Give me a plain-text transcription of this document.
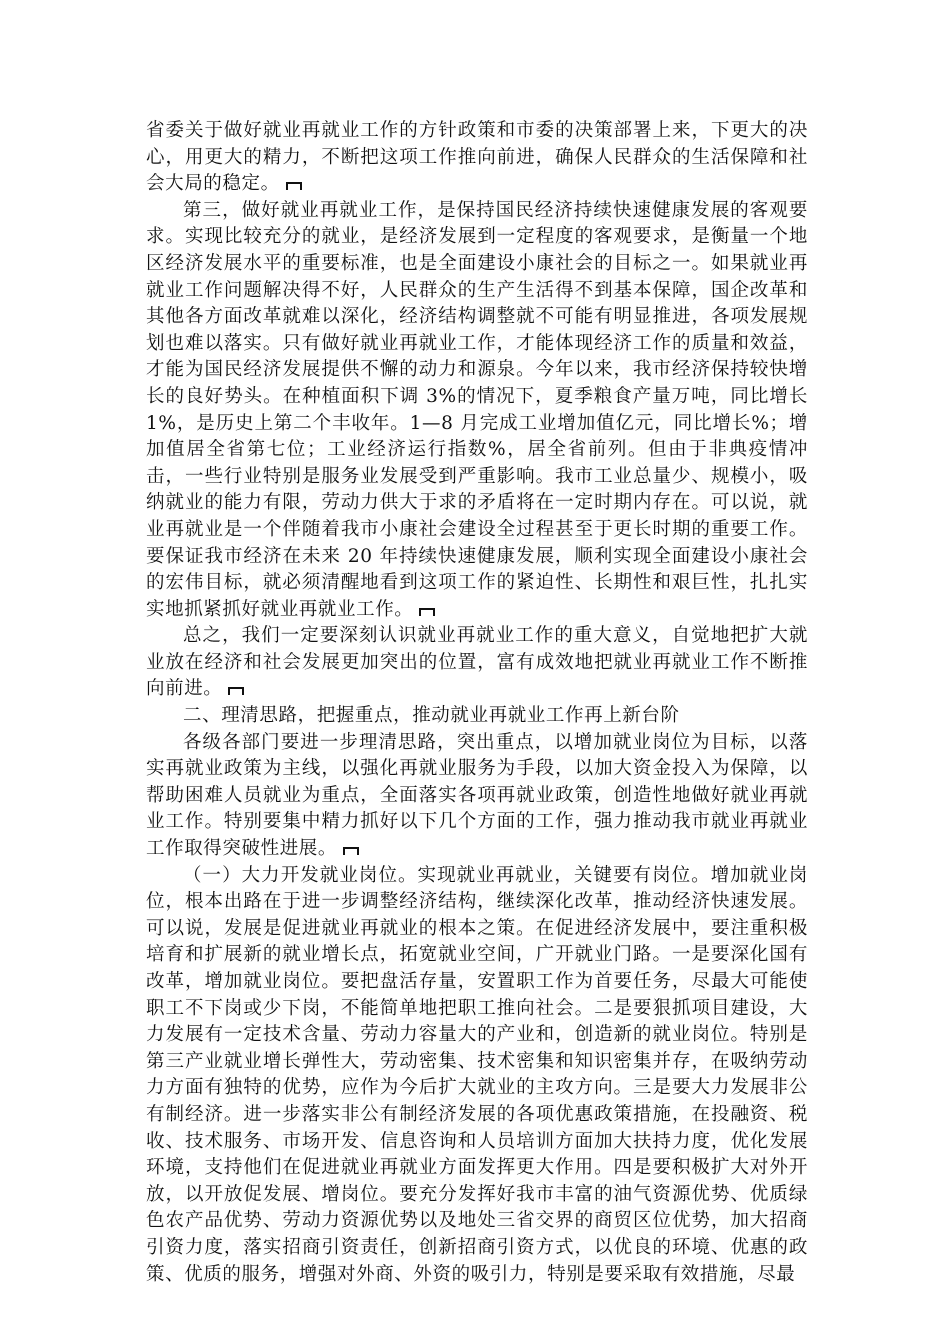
省委关于做好就业再就业工作的方针政策和市委的决策部署上来，下更大的决心，用更大的精力，不断把这项工作推向前进，确保人民群众的生活保障和社会大局的稳定。

第三，做好就业再就业工作，是保持国民经济持续快速健康发展的客观要求。实现比较充分的就业，是经济发展到一定程度的客观要求，是衡量一个地区经济发展水平的重要标准，也是全面建设小康社会的目标之一。如果就业再就业工作问题解决得不好，人民群众的生产生活得不到基本保障，国企改革和其他各方面改革就难以深化，经济结构调整就不可能有明显推进，各项发展规划也难以落实。只有做好就业再就业工作，才能体现经济工作的质量和效益，才能为国民经济发展提供不懈的动力和源泉。今年以来，我市经济保持较快增长的良好势头。在种植面积下调 3%的情况下，夏季粮食产量万吨，同比增长 1%，是历史上第二个丰收年。1—8 月完成工业增加值亿元，同比增长%；增加值居全省第七位；工业经济运行指数%，居全省前列。但由于非典疫情冲击，一些行业特别是服务业发展受到严重影响。我市工业总量少、规模小，吸纳就业的能力有限，劳动力供大于求的矛盾将在一定时期内存在。可以说，就业再就业是一个伴随着我市小康社会建设全过程甚至于更长时期的重要工作。要保证我市经济在未来 20 年持续快速健康发展，顺利实现全面建设小康社会的宏伟目标，就必须清醒地看到这项工作的紧迫性、长期性和艰巨性，扎扎实实地抓紧抓好就业再就业工作。

总之，我们一定要深刻认识就业再就业工作的重大意义，自觉地把扩大就业放在经济和社会发展更加突出的位置，富有成效地把就业再就业工作不断推向前进。

二、理清思路，把握重点，推动就业再就业工作再上新台阶

各级各部门要进一步理清思路，突出重点，以增加就业岗位为目标，以落实再就业政策为主线，以强化再就业服务为手段，以加大资金投入为保障，以帮助困难人员就业为重点，全面落实各项再就业政策，创造性地做好就业再就业工作。特别要集中精力抓好以下几个方面的工作，强力推动我市就业再就业工作取得突破性进展。

（一）大力开发就业岗位。实现就业再就业，关键要有岗位。增加就业岗位，根本出路在于进一步调整经济结构，继续深化改革，推动经济快速发展。可以说，发展是促进就业再就业的根本之策。在促进经济发展中，要注重积极培育和扩展新的就业增长点，拓宽就业空间，广开就业门路。一是要深化国有改革，增加就业岗位。要把盘活存量，安置职工作为首要任务，尽最大可能使职工不下岗或少下岗，不能简单地把职工推向社会。二是要狠抓项目建设，大力发展有一定技术含量、劳动力容量大的产业和，创造新的就业岗位。特别是第三产业就业增长弹性大，劳动密集、技术密集和知识密集并存，在吸纳劳动力方面有独特的优势，应作为今后扩大就业的主攻方向。三是要大力发展非公有制经济。进一步落实非公有制经济发展的各项优惠政策措施，在投融资、税收、技术服务、市场开发、信息咨询和人员培训方面加大扶持力度，优化发展环境，支持他们在促进就业再就业方面发挥更大作用。四是要积极扩大对外开放，以开放促发展、增岗位。要充分发挥好我市丰富的油气资源优势、优质绿色农产品优势、劳动力资源优势以及地处三省交界的商贸区位优势，加大招商引资力度，落实招商引资责任，创新招商引资方式，以优良的环境、优惠的政策、优质的服务，增强对外商、外资的吸引力，特别是要采取有效措施，尽最
